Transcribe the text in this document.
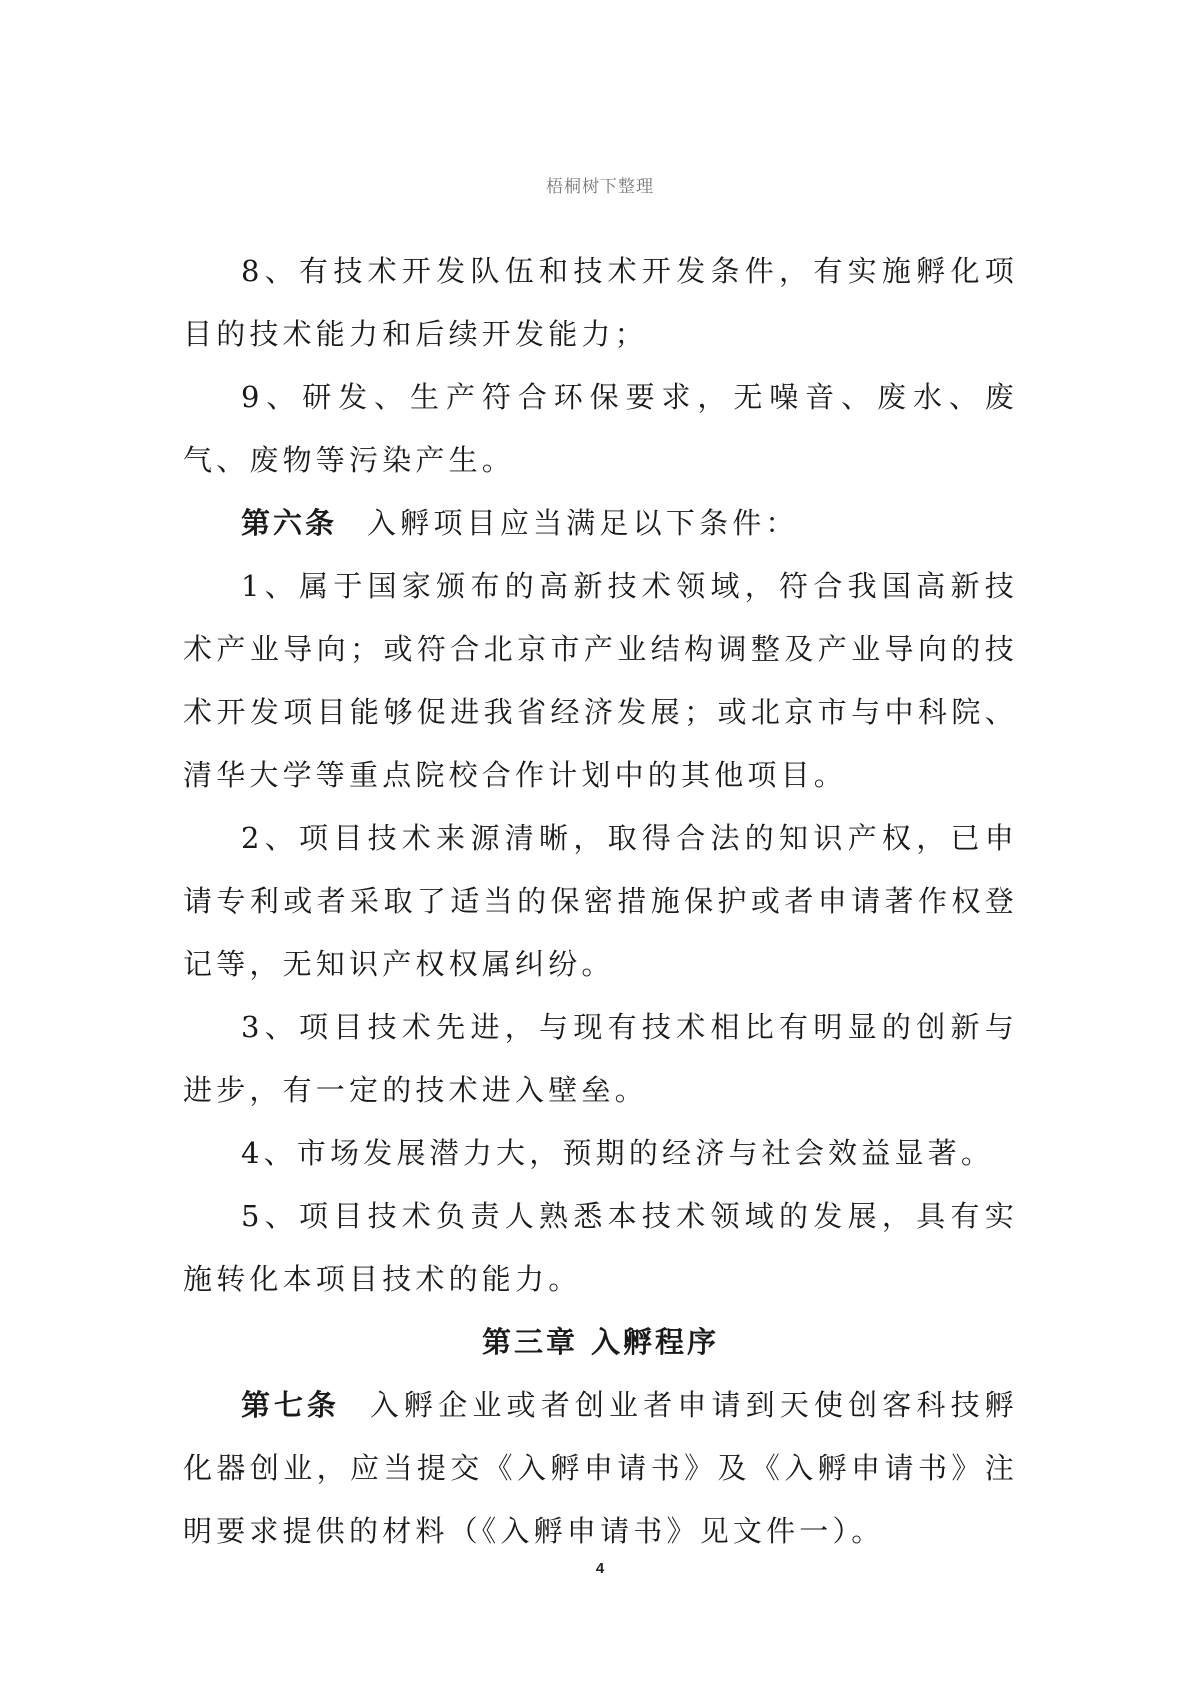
梧桐树下整理

8、有技术开发队伍和技术开发条件，有实施孵化项目的技术能力和后续开发能力；

9、研发、生产符合环保要求，无噪音、废水、废气、废物等污染产生。

第六条 入孵项目应当满足以下条件：

1、属于国家颁布的高新技术领域，符合我国高新技术产业导向；或符合北京市产业结构调整及产业导向的技术开发项目能够促进我省经济发展；或北京市与中科院、清华大学等重点院校合作计划中的其他项目。

2、项目技术来源清晰，取得合法的知识产权，已申请专利或者采取了适当的保密措施保护或者申请著作权登记等，无知识产权权属纠纷。

3、项目技术先进，与现有技术相比有明显的创新与进步，有一定的技术进入壁垒。

4、市场发展潜力大，预期的经济与社会效益显著。

5、项目技术负责人熟悉本技术领域的发展，具有实施转化本项目技术的能力。

第三章 入孵程序

第七条 入孵企业或者创业者申请到天使创客科技孵化器创业，应当提交《入孵申请书》及《入孵申请书》注明要求提供的材料（《入孵申请书》见文件一）。

4
